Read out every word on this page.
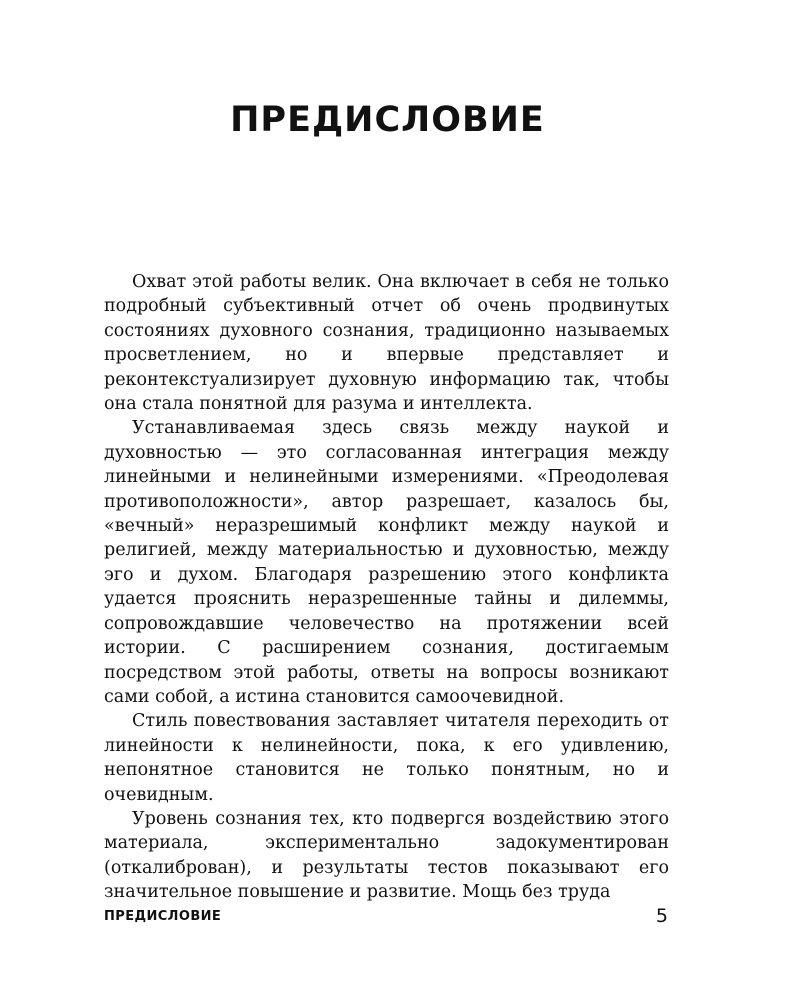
ПРЕДИСЛОВИЕ

Охват этой работы велик. Она включает в себя не только подробный субъективный отчет об очень продвинутых состояниях духовного сознания, традиционно называемых просветлением, но и впервые представляет и реконтекстуализирует духовную информацию так, чтобы она стала понятной для разума и интеллекта.

Устанавливаемая здесь связь между наукой и духовностью — это согласованная интеграция между линейными и нелинейными измерениями. «Преодолевая противоположности», автор разрешает, казалось бы, «вечный» неразрешимый конфликт между наукой и религией, между материальностью и духовностью, между эго и духом. Благодаря разрешению этого конфликта удается прояснить неразрешенные тайны и дилеммы, сопровождавшие человечество на протяжении всей истории. С расширением сознания, достигаемым посредством этой работы, ответы на вопросы возникают сами собой, а истина становится самоочевидной.

Стиль повествования заставляет читателя переходить от линейности к нелинейности, пока, к его удивлению, непонятное становится не только понятным, но и очевидным.

Уровень сознания тех, кто подвергся воздействию этого материала, экспериментально задокументирован (откалиброван), и результаты тестов показывают его значительное повышение и развитие. Мощь без труда

ПРЕДИСЛОВИЕ	5
